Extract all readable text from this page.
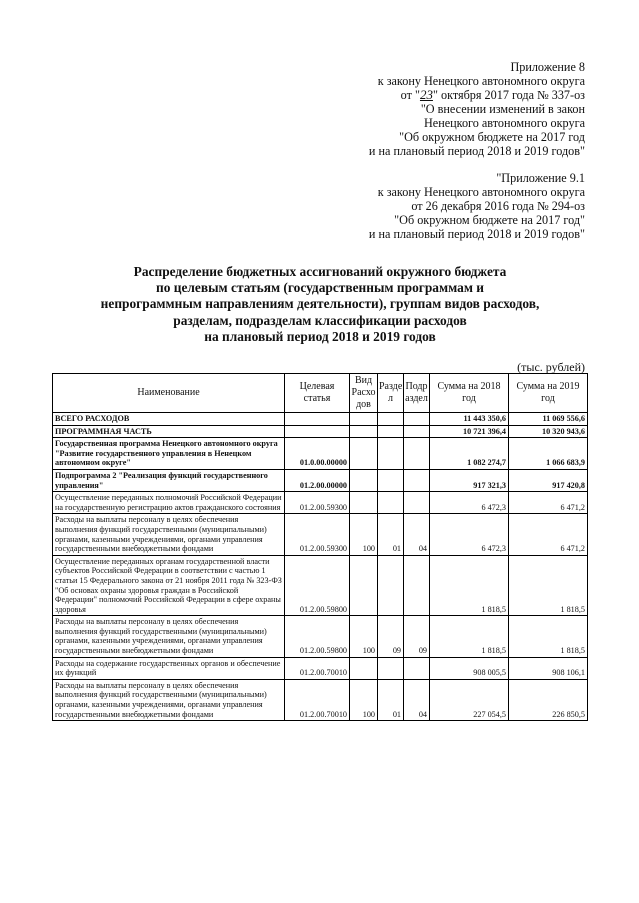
Приложение 8
к закону Ненецкого автономного округа
от "23" октября 2017 года № 337-оз
"О внесении изменений в закон
Ненецкого автономного округа
"Об окружном бюджете на 2017 год
и на плановый период 2018 и 2019 годов"
"Приложение 9.1
к закону Ненецкого автономного округа
от 26 декабря 2016 года № 294-оз
"Об окружном бюджете на 2017 год"
и на плановый период 2018 и 2019 годов"
Распределение бюджетных ассигнований окружного бюджета
по целевым статьям (государственным программам и
непрограммным направлениям деятельности), группам видов расходов,
разделам, подразделам классификации расходов
на плановый период 2018 и 2019 годов
(тыс. рублей)
Наименование	Целевая статья	Вид Расхо дов	Разде л	Подр аздел	Сумма на 2018 год	Сумма на 2019 год
ВСЕГО РАСХОДОВ					11 443 350,6	11 069 556,6
ПРОГРАММНАЯ ЧАСТЬ					10 721 396,4	10 320 943,6
Государственная программа Ненецкого автономного округа "Развитие государственного управления в Ненецком автономном округе"	01.0.00.00000				1 082 274,7	1 066 683,9
Подпрограмма 2 "Реализация функций государственного управления"	01.2.00.00000				917 321,3	917 420,8
Осуществление переданных полномочий Российской Федерации на государственную регистрацию актов гражданского состояния	01.2.00.59300				6 472,3	6 471,2
Расходы на выплаты персоналу в целях обеспечения выполнения функций государственными (муниципальными) органами, казенными учреждениями, органами управления государственными внебюджетными фондами	01.2.00.59300	100	01	04	6 472,3	6 471,2
Осуществление переданных органам государственной власти субъектов Российской Федерации в соответствии с частью 1 статьи 15 Федерального закона от 21 ноября 2011 года № 323-ФЗ "Об основах охраны здоровья граждан в Российской Федерации" полномочий Российской Федерации в сфере охраны здоровья	01.2.00.59800				1 818,5	1 818,5
Расходы на выплаты персоналу в целях обеспечения выполнения функций государственными (муниципальными) органами, казенными учреждениями, органами управления государственными внебюджетными фондами	01.2.00.59800	100	09	09	1 818,5	1 818,5
Расходы на содержание государственных органов и обеспечение их функций	01.2.00.70010				908 005,5	908 106,1
Расходы на выплаты персоналу в целях обеспечения выполнения функций государственными (муниципальными) органами, казенными учреждениями, органами управления государственными внебюджетными фондами	01.2.00.70010	100	01	04	227 054,5	226 850,5
